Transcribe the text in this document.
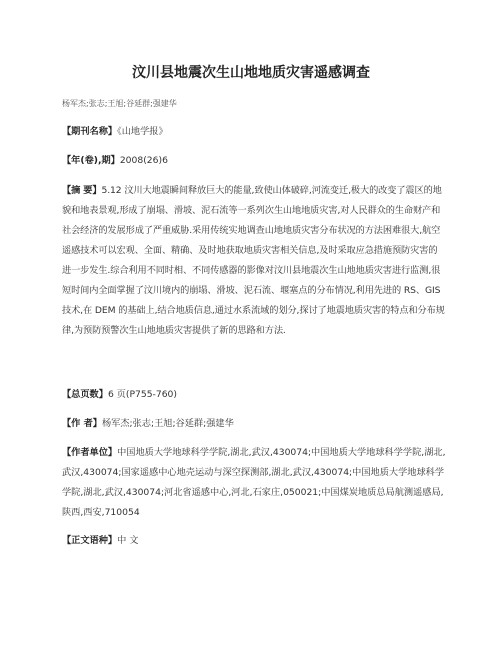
汶川县地震次生山地地质灾害遥感调查
杨军杰;张志;王旭;谷延群;强建华
【期刊名称】《山地学报》
【年(卷),期】2008(26)6
【摘 要】5.12 汶川大地震瞬间释放巨大的能量,致使山体破碎,河流变迁,极大的改变了震区的地貌和地表景观,形成了崩塌、滑坡、泥石流等一系列次生山地地质灾害,对人民群众的生命财产和社会经济的发展形成了严重威胁.采用传统实地调查山地地质灾害分布状况的方法困难很大,航空遥感技术可以宏观、全面、精确、及时地获取地质灾害相关信息,及时采取应急措施预防灾害的进一步发生.综合利用不同时相、不同传感器的影像对汶川县地震次生山地地质灾害进行监测,很短时间内全面掌握了汶川境内的崩塌、滑坡、泥石流、堰塞点的分布情况,利用先进的 RS、GIS 技术,在 DEM 的基础上,结合地质信息,通过水系流域的划分,探讨了地震地质灾害的特点和分布规律,为预防预警次生山地地质灾害提供了新的思路和方法.
【总页数】6 页(P755-760)
【作 者】杨军杰;张志;王旭;谷延群;强建华
【作者单位】中国地质大学地球科学学院,湖北,武汉,430074;中国地质大学地球科学学院,湖北,武汉,430074;国家遥感中心地壳运动与深空探测部,湖北,武汉,430074;中国地质大学地球科学学院,湖北,武汉,430074;河北省遥感中心,河北,石家庄,050021;中国煤炭地质总局航测遥感局,陕西,西安,710054
【正文语种】中 文
